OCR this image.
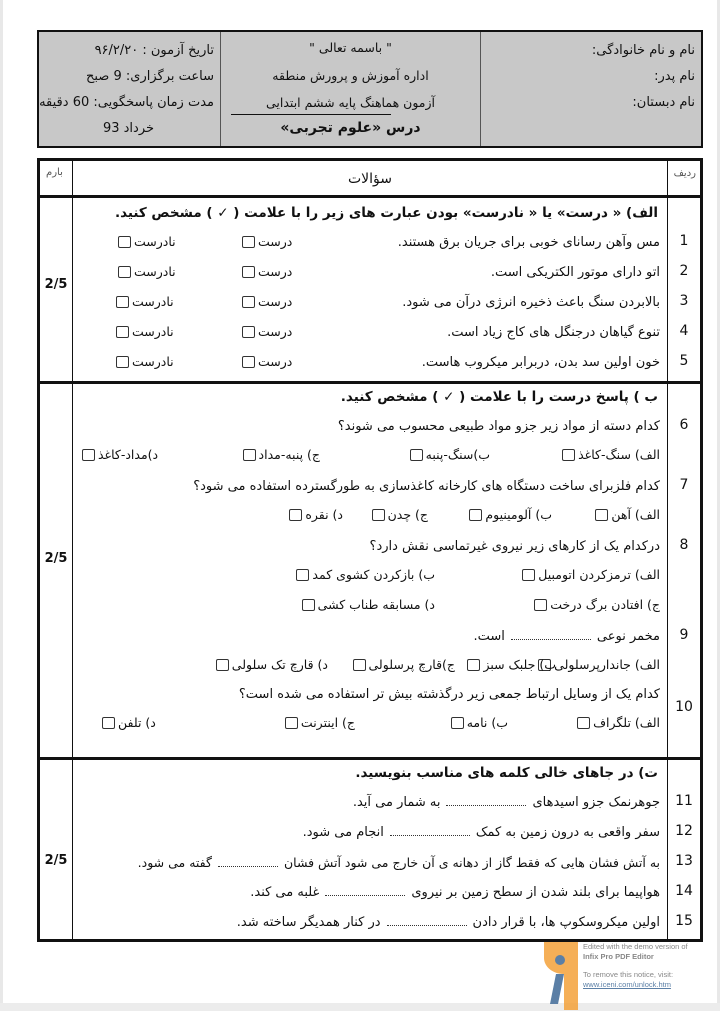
تاریخ آزمون : ۹۶/۲/۲۰
ساعت برگزاری: 9 صبح
مدت زمان پاسخگویی: 60 دقیقه
خرداد 93
" باسمه تعالی "
اداره آموزش و پرورش منطقه
آزمون هماهنگ پایه ششم ابتدایی
درس «علوم تجربی»
نام و نام خانوادگی:
نام پدر:
نام دبستان:
بارم	سؤالات	ردیف
الف) « درست» یا « نادرست» بودن عبارت های زیر را با علامت ( ✓ ) مشخص کنید.
2/5
1
مس وآهن رسانای خوبی برای جریان برق هستند.
درست
نادرست
2
اتو دارای موتور الکتریکی است.
درست
نادرست
3
بالابردن سنگ باعث ذخیره انرژی درآن می شود.
درست
نادرست
4
تنوع گیاهان درجنگل های کاج زیاد است.
درست
نادرست
5
خون اولین سد بدن، دربرابر میکروب هاست.
درست
نادرست
ب ) پاسخ درست را با علامت ( ✓ ) مشخص کنید.
2/5
6
کدام دسته از مواد زیر جزو مواد طبیعی محسوب می شوند؟
الف) سنگ-کاغذ
ب)سنگ-پنبه
ج) پنبه-مداد
د)مداد-کاغذ
7
کدام فلزبرای ساخت دستگاه های کارخانه کاغذسازی به طورگسترده استفاده می شود؟
الف) آهن
ب) آلومینیوم
ج) چدن
د) نقره
8
درکدام یک از کارهای زیر نیروی غیرتماسی نقش دارد؟
الف) ترمزکردن اتومبیل
ب) بازکردن کشوی کمد
ج) افتادن برگ درخت
د) مسابقه طناب کشی
9
مخمر نوعی
است.
الف) جاندارپرسلولی
ب) جلبک سبز
ج)قارچ پرسلولی
د) قارچ تک سلولی
10
کدام یک از وسایل ارتباط جمعی زیر درگذشته بیش تر استفاده می شده است؟
الف) تلگراف
ب) نامه
ج) اینترنت
د) تلفن
ت) در جاهای خالی کلمه های مناسب بنویسید.
2/5
11
جوهرنمک جزو اسیدهای
به شمار می آید.
12
سفر واقعی به درون زمین به کمک
انجام می شود.
13
به آتش فشان هایی که فقط گاز از دهانه ی آن خارج می شود آتش فشان
گفته می شود.
14
هواپیما برای بلند شدن از سطح زمین بر نیروی
غلبه می کند.
15
اولین میکروسکوپ ها، با قرار دادن
در کنار همدیگر ساخته شد.
Edited with the demo version of
Infix Pro PDF Editor
To remove this notice, visit:
www.iceni.com/unlock.htm
